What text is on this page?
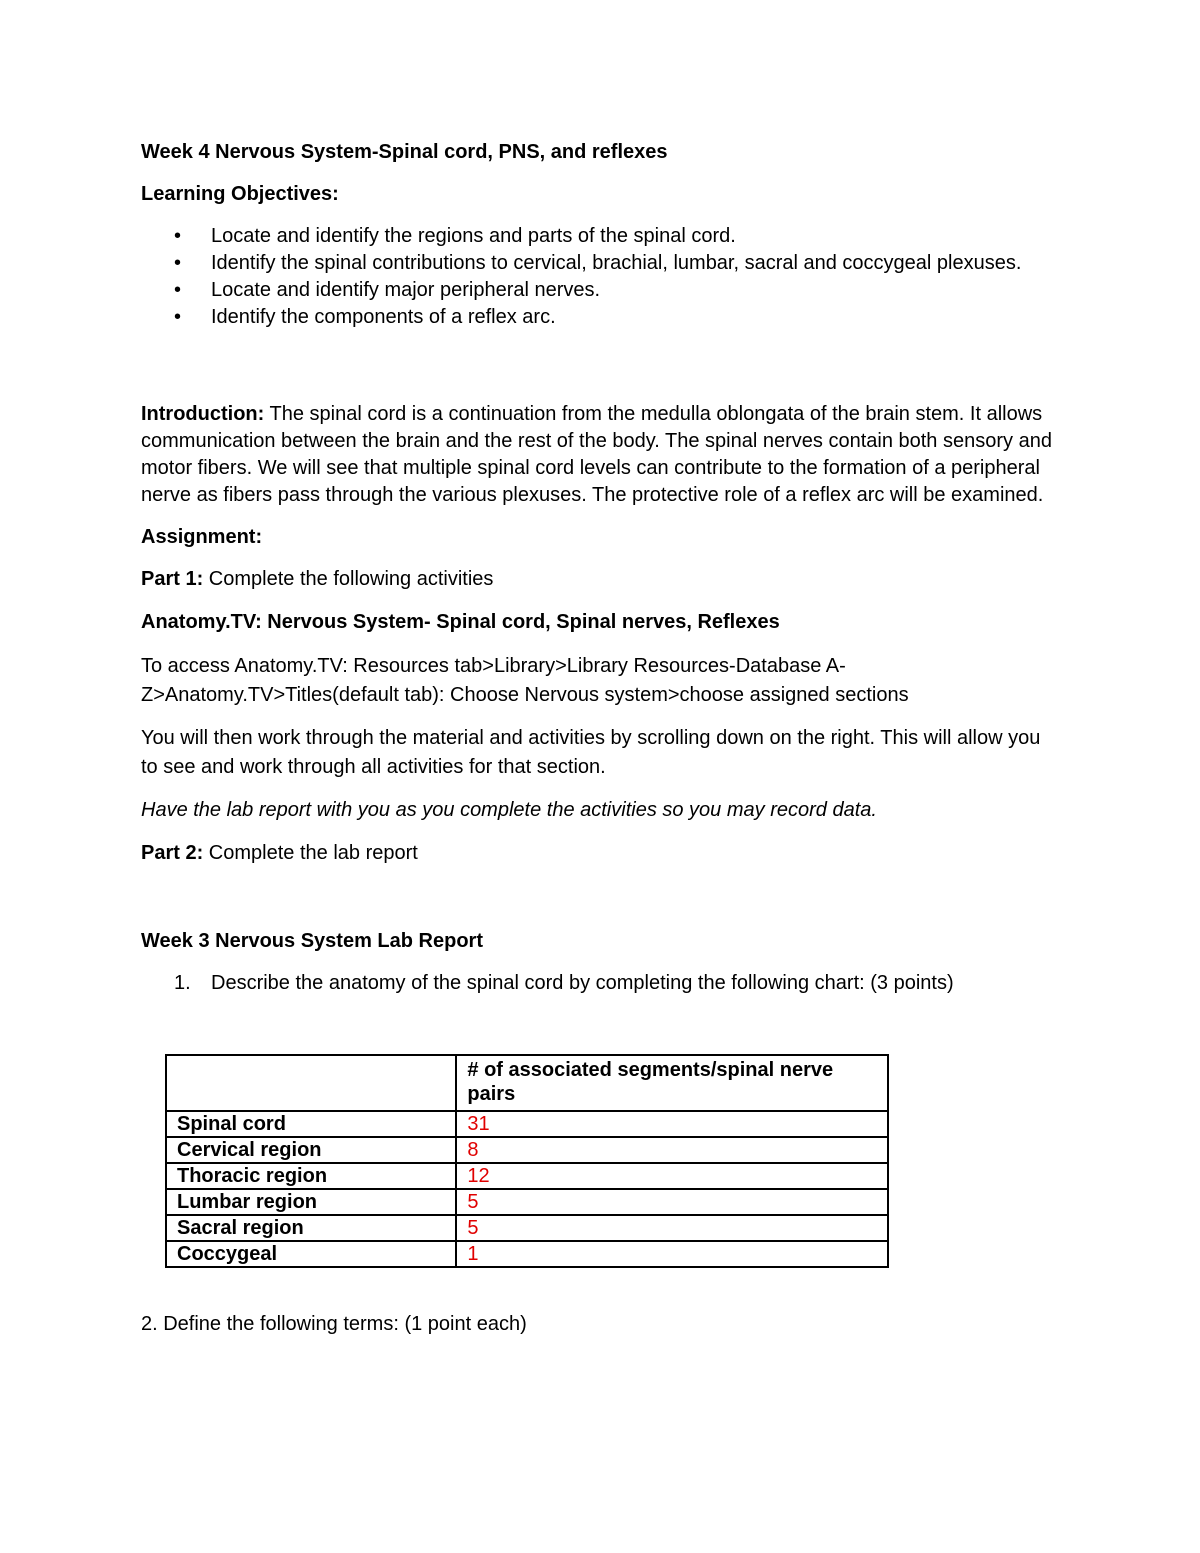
Week 4 Nervous System-Spinal cord, PNS, and reflexes

Learning Objectives:

• Locate and identify the regions and parts of the spinal cord.
• Identify the spinal contributions to cervical, brachial, lumbar, sacral and coccygeal plexuses.
• Locate and identify major peripheral nerves.
• Identify the components of a reflex arc.

Introduction: The spinal cord is a continuation from the medulla oblongata of the brain stem. It allows communication between the brain and the rest of the body. The spinal nerves contain both sensory and motor fibers. We will see that multiple spinal cord levels can contribute to the formation of a peripheral nerve as fibers pass through the various plexuses. The protective role of a reflex arc will be examined.

Assignment:

Part 1: Complete the following activities

Anatomy.TV: Nervous System- Spinal cord, Spinal nerves, Reflexes

To access Anatomy.TV: Resources tab>Library>Library Resources-Database A-Z>Anatomy.TV>Titles(default tab): Choose Nervous system>choose assigned sections

You will then work through the material and activities by scrolling down on the right. This will allow you to see and work through all activities for that section.

Have the lab report with you as you complete the activities so you may record data.

Part 2: Complete the lab report

Week 3 Nervous System Lab Report

1. Describe the anatomy of the spinal cord by completing the following chart: (3 points)
	# of associated segments/spinal nerve pairs
Spinal cord	31
Cervical region	8
Thoracic region	12
Lumbar region	5
Sacral region	5
Coccygeal	1

2. Define the following terms: (1 point each)
